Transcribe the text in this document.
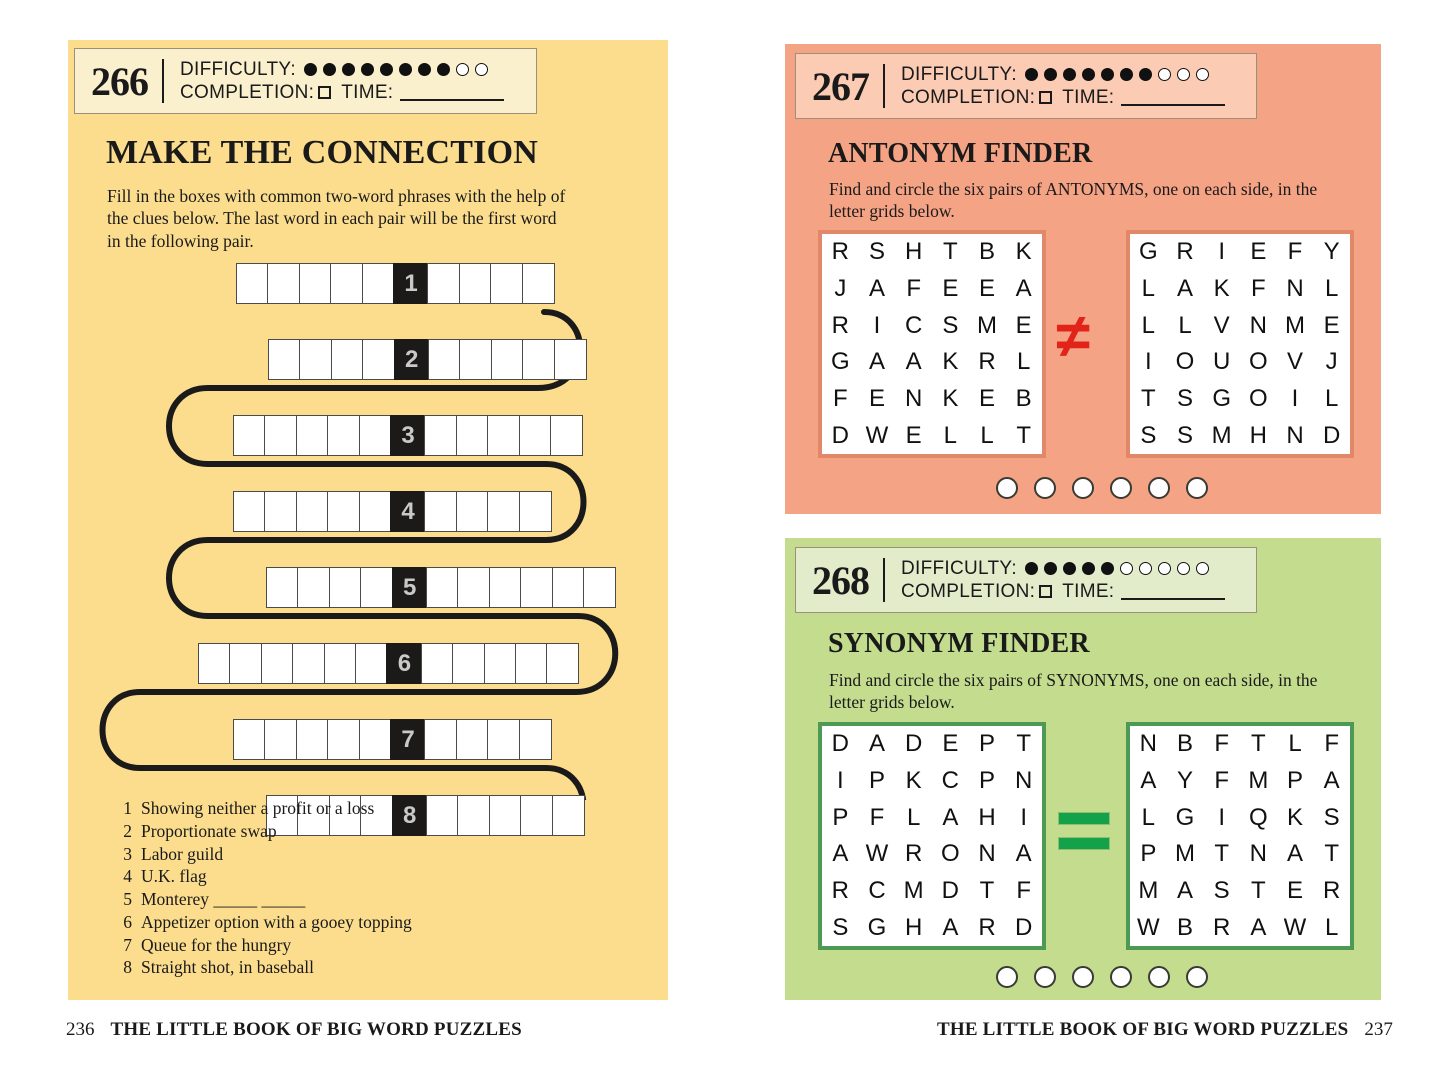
266	DIFFICULTY:
COMPLETION: TIME:
MAKE THE CONNECTION
Fill in the boxes with common two-word phrases with the help of the clues below. The last word in each pair will be the first word in the following pair.
1
2
3
4
5
6
7
8
1 Showing neither a profit or a loss
2 Proportionate swap
3 Labor guild
4 U.K. flag
5 Monterey _____ _____
6 Appetizer option with a gooey topping
7 Queue for the hungry
8 Straight shot, in baseball
236 THE LITTLE BOOK OF BIG WORD PUZZLES
267	DIFFICULTY:
COMPLETION: TIME:
ANTONYM FINDER
Find and circle the six pairs of ANTONYMS, one on each side, in the letter grids below.
R S H T B K
J A F E E A
R I C S M E
G A A K R L
F E N K E B
D W E L L T
≠
G R I E F Y
L A K F N L
L L V N M E
I O U O V J
T S G O I L
S S M H N D
268	DIFFICULTY:
COMPLETION: TIME:
SYNONYM FINDER
Find and circle the six pairs of SYNONYMS, one on each side, in the letter grids below.
D A D E P T
I P K C P N
P F L A H I
A W R O N A
R C M D T F
S G H A R D
N B F T L F
A Y F M P A
L G I Q K S
P M T N A T
M A S T E R
W B R A W L
THE LITTLE BOOK OF BIG WORD PUZZLES 237
